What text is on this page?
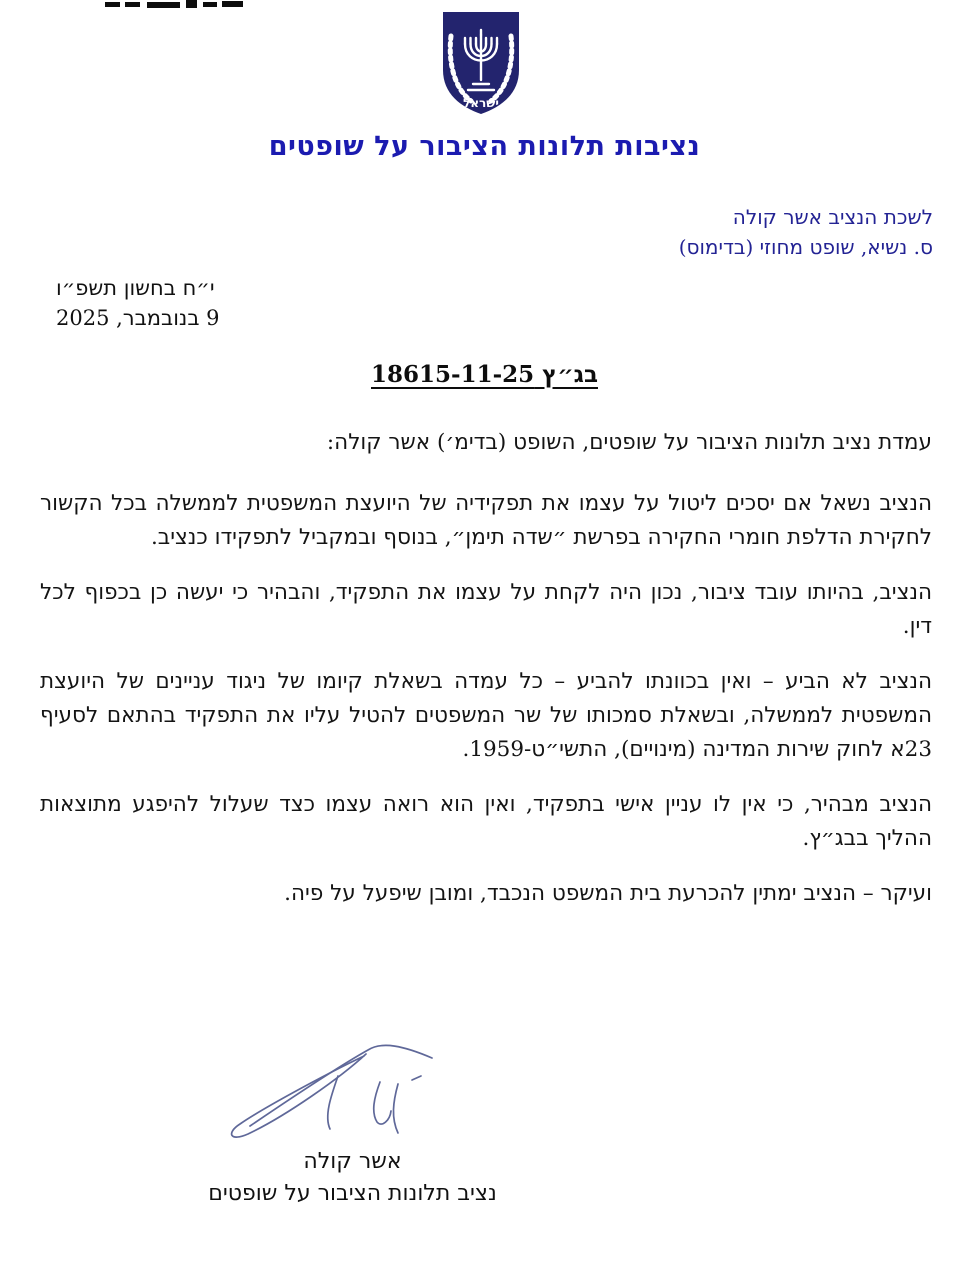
ישראל
נציבות תלונות הציבור על שופטים
לשכת הנציב אשר קולה
ס. נשיא, שופט מחוזי (בדימוס)
י״ח בחשון תשפ״ו
9 בנובמבר, 2025
בג״ץ 18615-11-25

עמדת נציב תלונות הציבור על שופטים, השופט (בדימ׳) אשר קולה:

הנציב נשאל אם יסכים ליטול על עצמו את תפקידיה של היועצת המשפטית לממשלה בכל הקשור לחקירת הדלפת חומרי החקירה בפרשת ״שדה תימן״, בנוסף ובמקביל לתפקידו כנציב.

הנציב, בהיותו עובד ציבור, נכון היה לקחת על עצמו את התפקיד, והבהיר כי יעשה כן בכפוף לכל דין.

הנציב לא הביע – ואין בכוונתו להביע – כל עמדה בשאלת קיומו של ניגוד עניינים של היועצת המשפטית לממשלה, ובשאלת סמכותו של שר המשפטים להטיל עליו את התפקיד בהתאם לסעיף 23א לחוק שירות המדינה (מינויים), התשי״ט-1959.

הנציב מבהיר, כי אין לו עניין אישי בתפקיד, ואין הוא רואה עצמו כצד שעלול להיפגע מתוצאות ההליך בבג״ץ.

ועיקר – הנציב ימתין להכרעת בית המשפט הנכבד, ומובן שיפעל על פיה.

אשר קולה
נציב תלונות הציבור על שופטים
